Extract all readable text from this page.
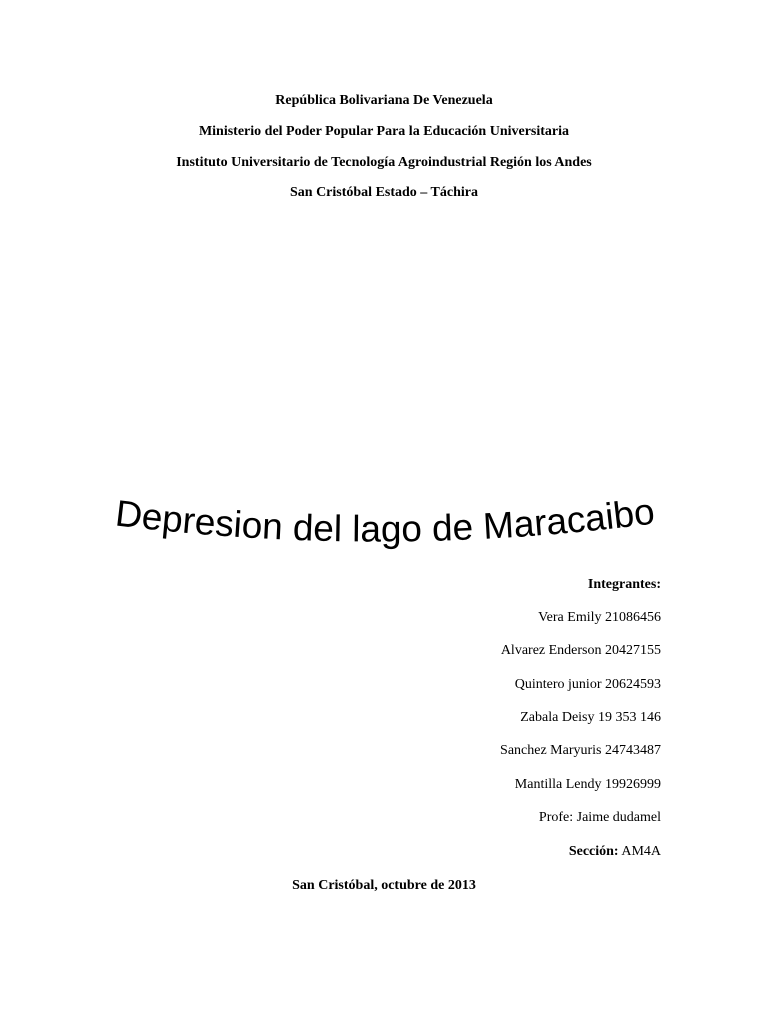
República Bolivariana De Venezuela
Ministerio del Poder Popular Para la Educación Universitaria
Instituto Universitario de Tecnología Agroindustrial Región los Andes
San Cristóbal Estado – Táchira
Depresion del lago de Maracaibo
Integrantes:
Vera Emily 21086456
Alvarez Enderson 20427155
Quintero junior 20624593
Zabala Deisy 19 353 146
Sanchez Maryuris 24743487
Mantilla Lendy 19926999
Profe: Jaime dudamel
Sección: AM4A
San Cristóbal, octubre de 2013
